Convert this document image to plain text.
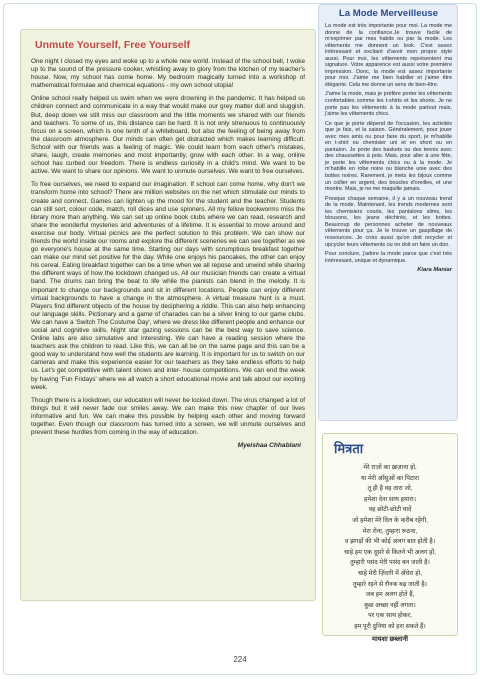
Unmute Yourself, Free Yourself

One night I closed my eyes and woke up to a whole new world. Instead of the school bell, I woke up to the sound of the pressure cooker, whistling away to glory from the kitchen of my teacher's house. Now, my school has come home. My bedroom magically turned into a workshop of mathematical formulae and chemical equations - my own school utopia!

Online school really helped us swim when we were drowning in the pandemic. It has helped us children connect and communicate in a way that would make our grey matter dull and sluggish. But, deep down we still miss our classroom and the little moments we shared with our friends and teachers. To some of us, this distance can be hard. It is not only strenuous to continuously focus on a screen, which is one tenth of a whiteboard, but also the feeling of being away from the classroom atmosphere. Our minds can often get distracted which makes learning difficult. School with our friends was a feeling of magic. We could learn from each other's mistakes, share, laugh, create memories and most importantly, grow with each other. In a way, online school has curbed our freedom. There is endless curiosity in a child's mind. We want to be active. We want to share our opinions. We want to unmute ourselves. We want to free ourselves.

To free ourselves, we need to expand our imagination. If school can come home, why don't we transform home into school? There are million websites on the net which stimulate our minds to create and connect. Games can lighten up the mood for the student and the teacher. Students can still sort, colour code, match, roll dices and use spinners. All my fellow bookworms miss the library more than anything. We can set up online book clubs where we can read, research and share the wonderful mysteries and adventures of a lifetime. It is essential to move around and exercise our body. Virtual picnics are the perfect solution to this problem. We can show our friends the world inside our rooms and explore the different sceneries we can see together as we go everyone's house at the same time. Starting our days with scrumptious breakfast together can make our mind set positive for the day. While one enjoys his pancakes, the other can enjoy his cereal. Eating breakfast together can be a time when we all repose and unwind while sharing the different ways of how the lockdown changed us. All our musician friends can create a virtual band. The drums can bring the beat to life while the pianists can blend in the melody. It is important to change our backgrounds and sit in different locations. People can enjoy different virtual backgrounds to have a change in the atmosphere. A virtual treasure hunt is a must. Players find different objects of the house by deciphering a riddle. This can also help enhancing our language skills. Pictionary and a game of charades can be a silver lining to our game clubs. We can have a 'Switch The Costume Day', where we dress like different people and enhance our social and cognitive skills. Night star gazing sessions can be the best way to save science. Online labs are also simulative and interesting. We can have a reading session where the teachers ask the children to read. Like this, we can all be on the same page and this can be a good way to understand how well the students are learning. It is important for us to switch on our cameras and make this experience easier for our teachers as they take endless efforts to help us. Let's get competitive with talent shows and inter- house competitions. We can end the week by having 'Fun Fridays' where we all watch a short educational movie and talk about our exciting week.

Though there is a lockdown, our education will never be locked down. The virus changed a lot of things but it will never fade our smiles away. We can make this new chapter of our lives informative and fun. We can make this possible by helping each other and moving forward together. Even though our classroom has turned into a screen, we will unmute ourselves and prevent these hurdles from coming in the way of education.

Myeishaa Chhablani
La Mode Merveilleuse

La mode est très importante pour moi. La mode me donne de la confiance.Je trouve facile de m'exprimer par mes habits ou par la mode. Les vêtements me donnent un look. C'est assez intéressant et excitant d'avoir mon propre style aussi. Pour moi, les vêtements représentent ma signature. Votre apparence est aussi votre première impression. Donc, la mode est assez importante pour moi. J'aime me bien habiller et j'aime être élégante. Cela me donne un sens de bien-être.

J'aime la mode, mais je préfère porter les vêtements confortables comme les t-shirts et les shorts. Je ne porte pas les vêtements à la mode partout mais, j'aime les vêtements chics.

Ce que je porte dépend de l'occasion, les activités que je fais, et la saison. Généralement, pour jouer avec mes amis ou pour faire du sport, je m'habille en t-shirt ou chemisier uni et en short ou en pantalon. Je porte des baskets ou des tennis avec des chaussettes à pois. Mais, pour aller à une fête, je porte les vêtements chics ou à la mode. Je m'habille en robe noire ou blanche unie avec des bottes noires. Rarement, je mets les bijoux comme un collier en argent, des boucles d'oreilles, et une montre. Mais, je ne me maquille jamais.

Presque chaque semaine, il y a un nouveau trend de la mode. Maintenant, les trends modernes sont les chemisiers courts, les pantalons slims, les blousons, les jeans déchirés, et les bottes. Beaucoup de personnes acheter de nouveaux vêtements pour ça. Je le trouve un gaspillage de ressources. Je crois aussi qu'on doit recycler et upcycler leurs vêtements ou on doit en faire un don.

Pour conclure, j'adore la mode parce que c'est très intéressant, unique et dynamique.

Kiara Maniar
मित्रता
मेरे राज़ों का ख़ज़ाना हो,
या मेरी आँसुओं का पिटारा
तू ही है वह तारा जो,
हमेशा देना साथ हमारा।
वह छोटी-छोटी यादें
जो हमेशा मेरे दिल के करीब रहेंगी,
मेरा रोना, तुम्हारा रूठना,
व झगड़ों की भी कोई अलग बात होती है।
चाहे हम एक दूसरे से कितने भी अलग हों,
तुम्हारी पसंद मेरी पसंद बन जाती है।
चाहे मेरी ज़िंदगी में अँधेरा हो,
तुम्हारे रहने से रौनक बढ़ जाती है।
जब हम अलग होते हैं,
कुछ अच्छा नहीं लगता।
पर एक साथ होकर,
हम पूरी दुनिया को हरा सकते हैं।
मायशा छब्लानी
224
